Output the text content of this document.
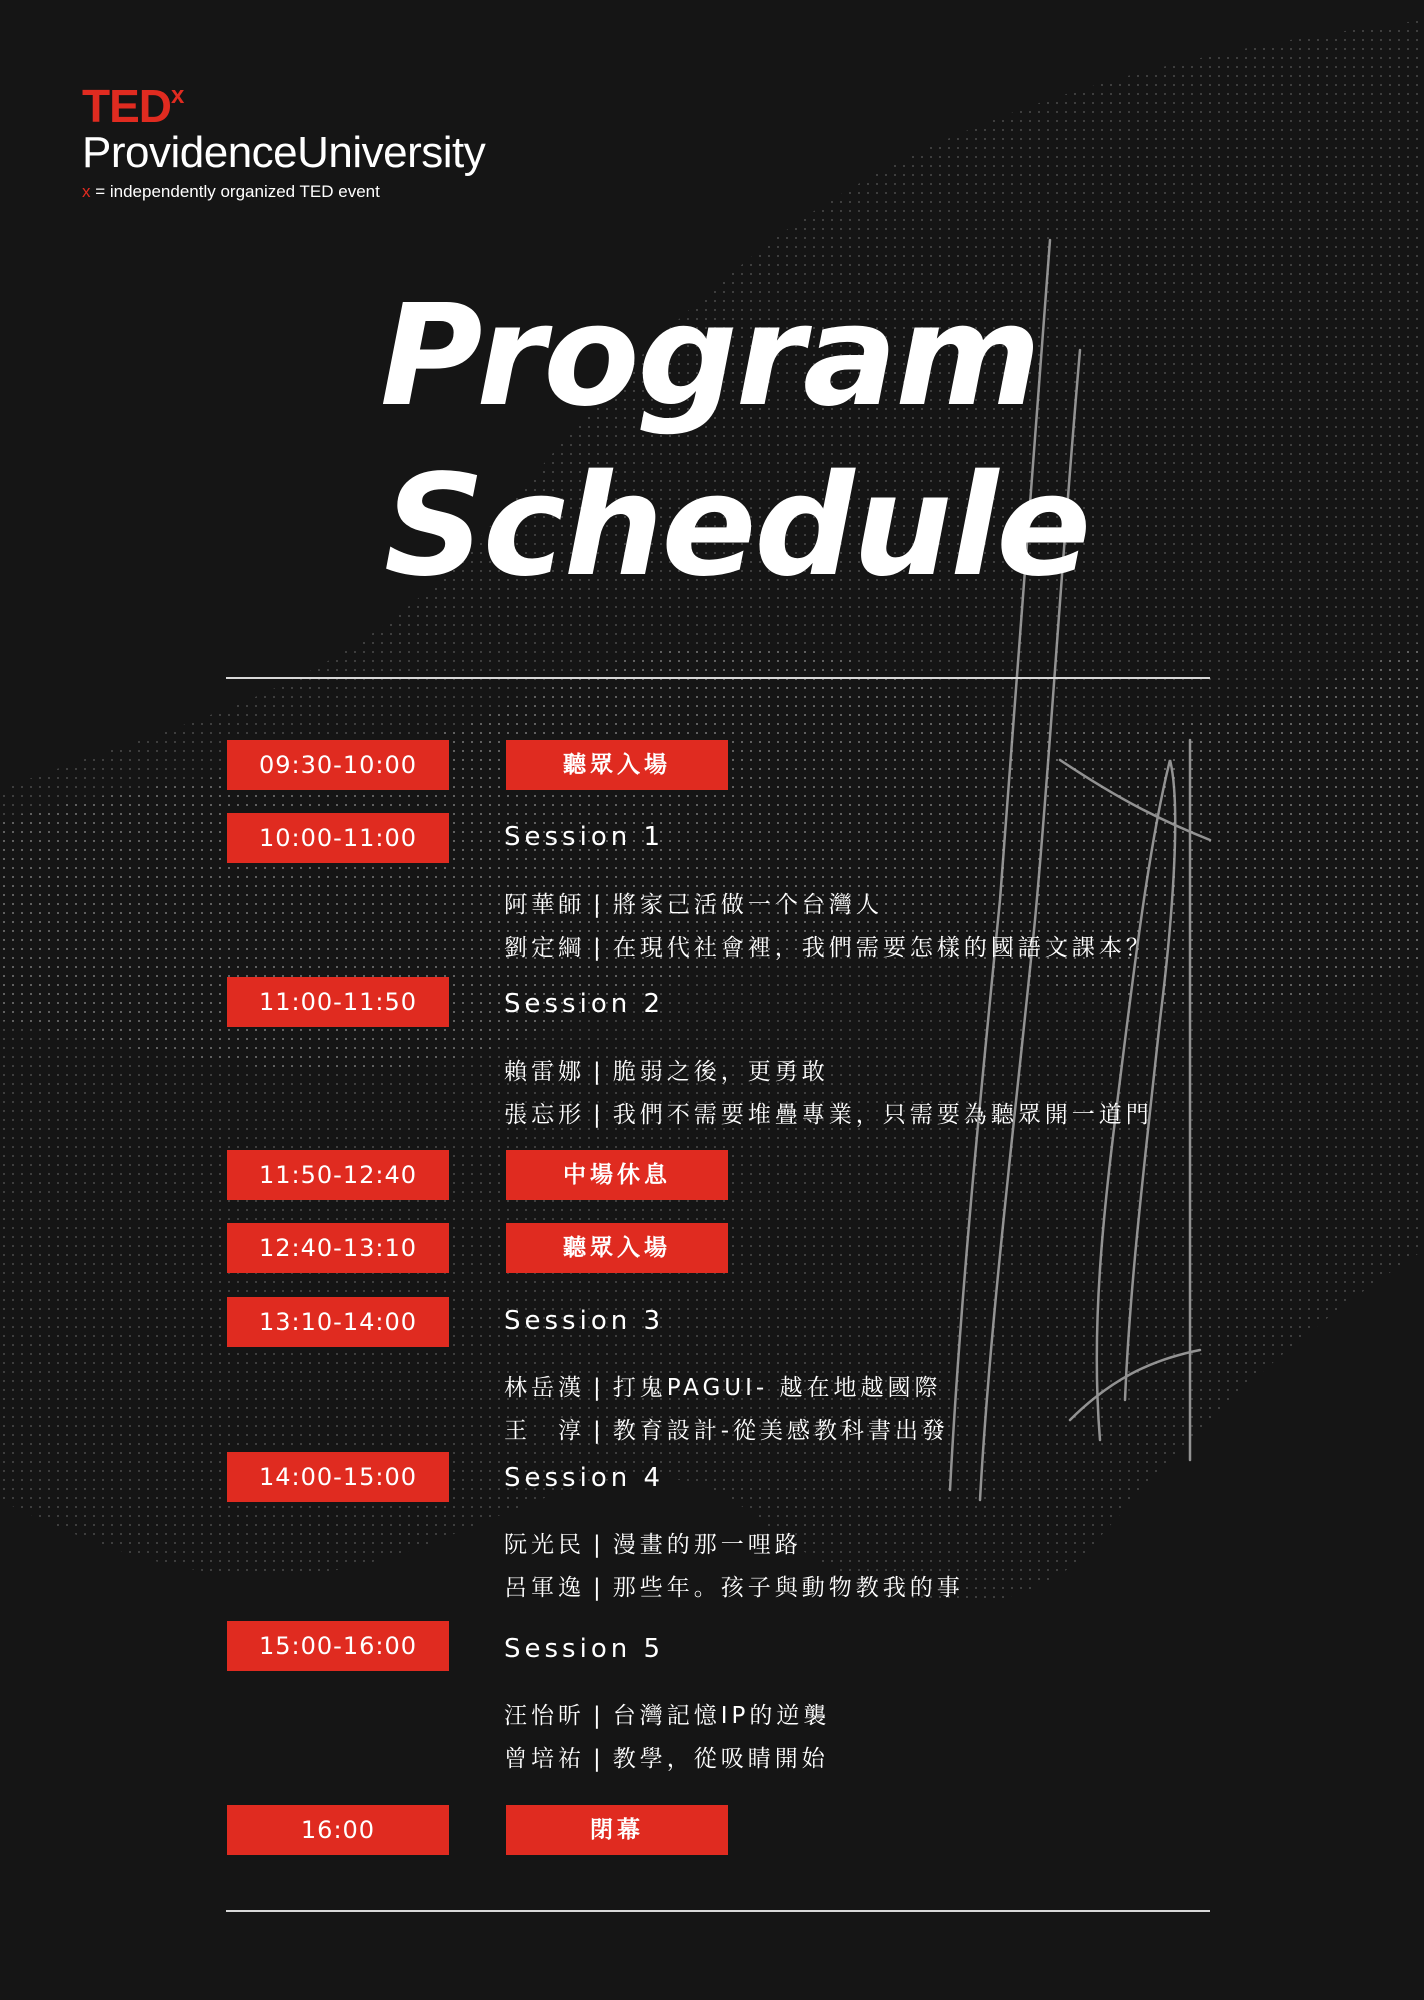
TED$^x$
ProvidenceUniversity
x = independently organized TED event
Program
Schedule
09:30-10:00
10:00-11:00
11:00-11:50
11:50-12:40
12:40-13:10
13:10-14:00
14:00-15:00
15:00-16:00
16:00
聽眾入場
中場休息
聽眾入場
閉幕
Session 1
Session 2
Session 3
Session 4
Session 5
阿華師 | 將家己活做一个台灣人
劉定綱 | 在現代社會裡，我們需要怎樣的國語文課本？
賴雷娜 | 脆弱之後，更勇敢
張忘形 | 我們不需要堆疊專業，只需要為聽眾開一道門
林岳漢 | 打鬼PAGUI- 越在地越國際
王　淳 | 教育設計-從美感教科書出發
阮光民 | 漫畫的那一哩路
呂軍逸 | 那些年。孩子與動物教我的事
汪怡昕 | 台灣記憶IP的逆襲
曾培祐 | 教學，從吸睛開始
